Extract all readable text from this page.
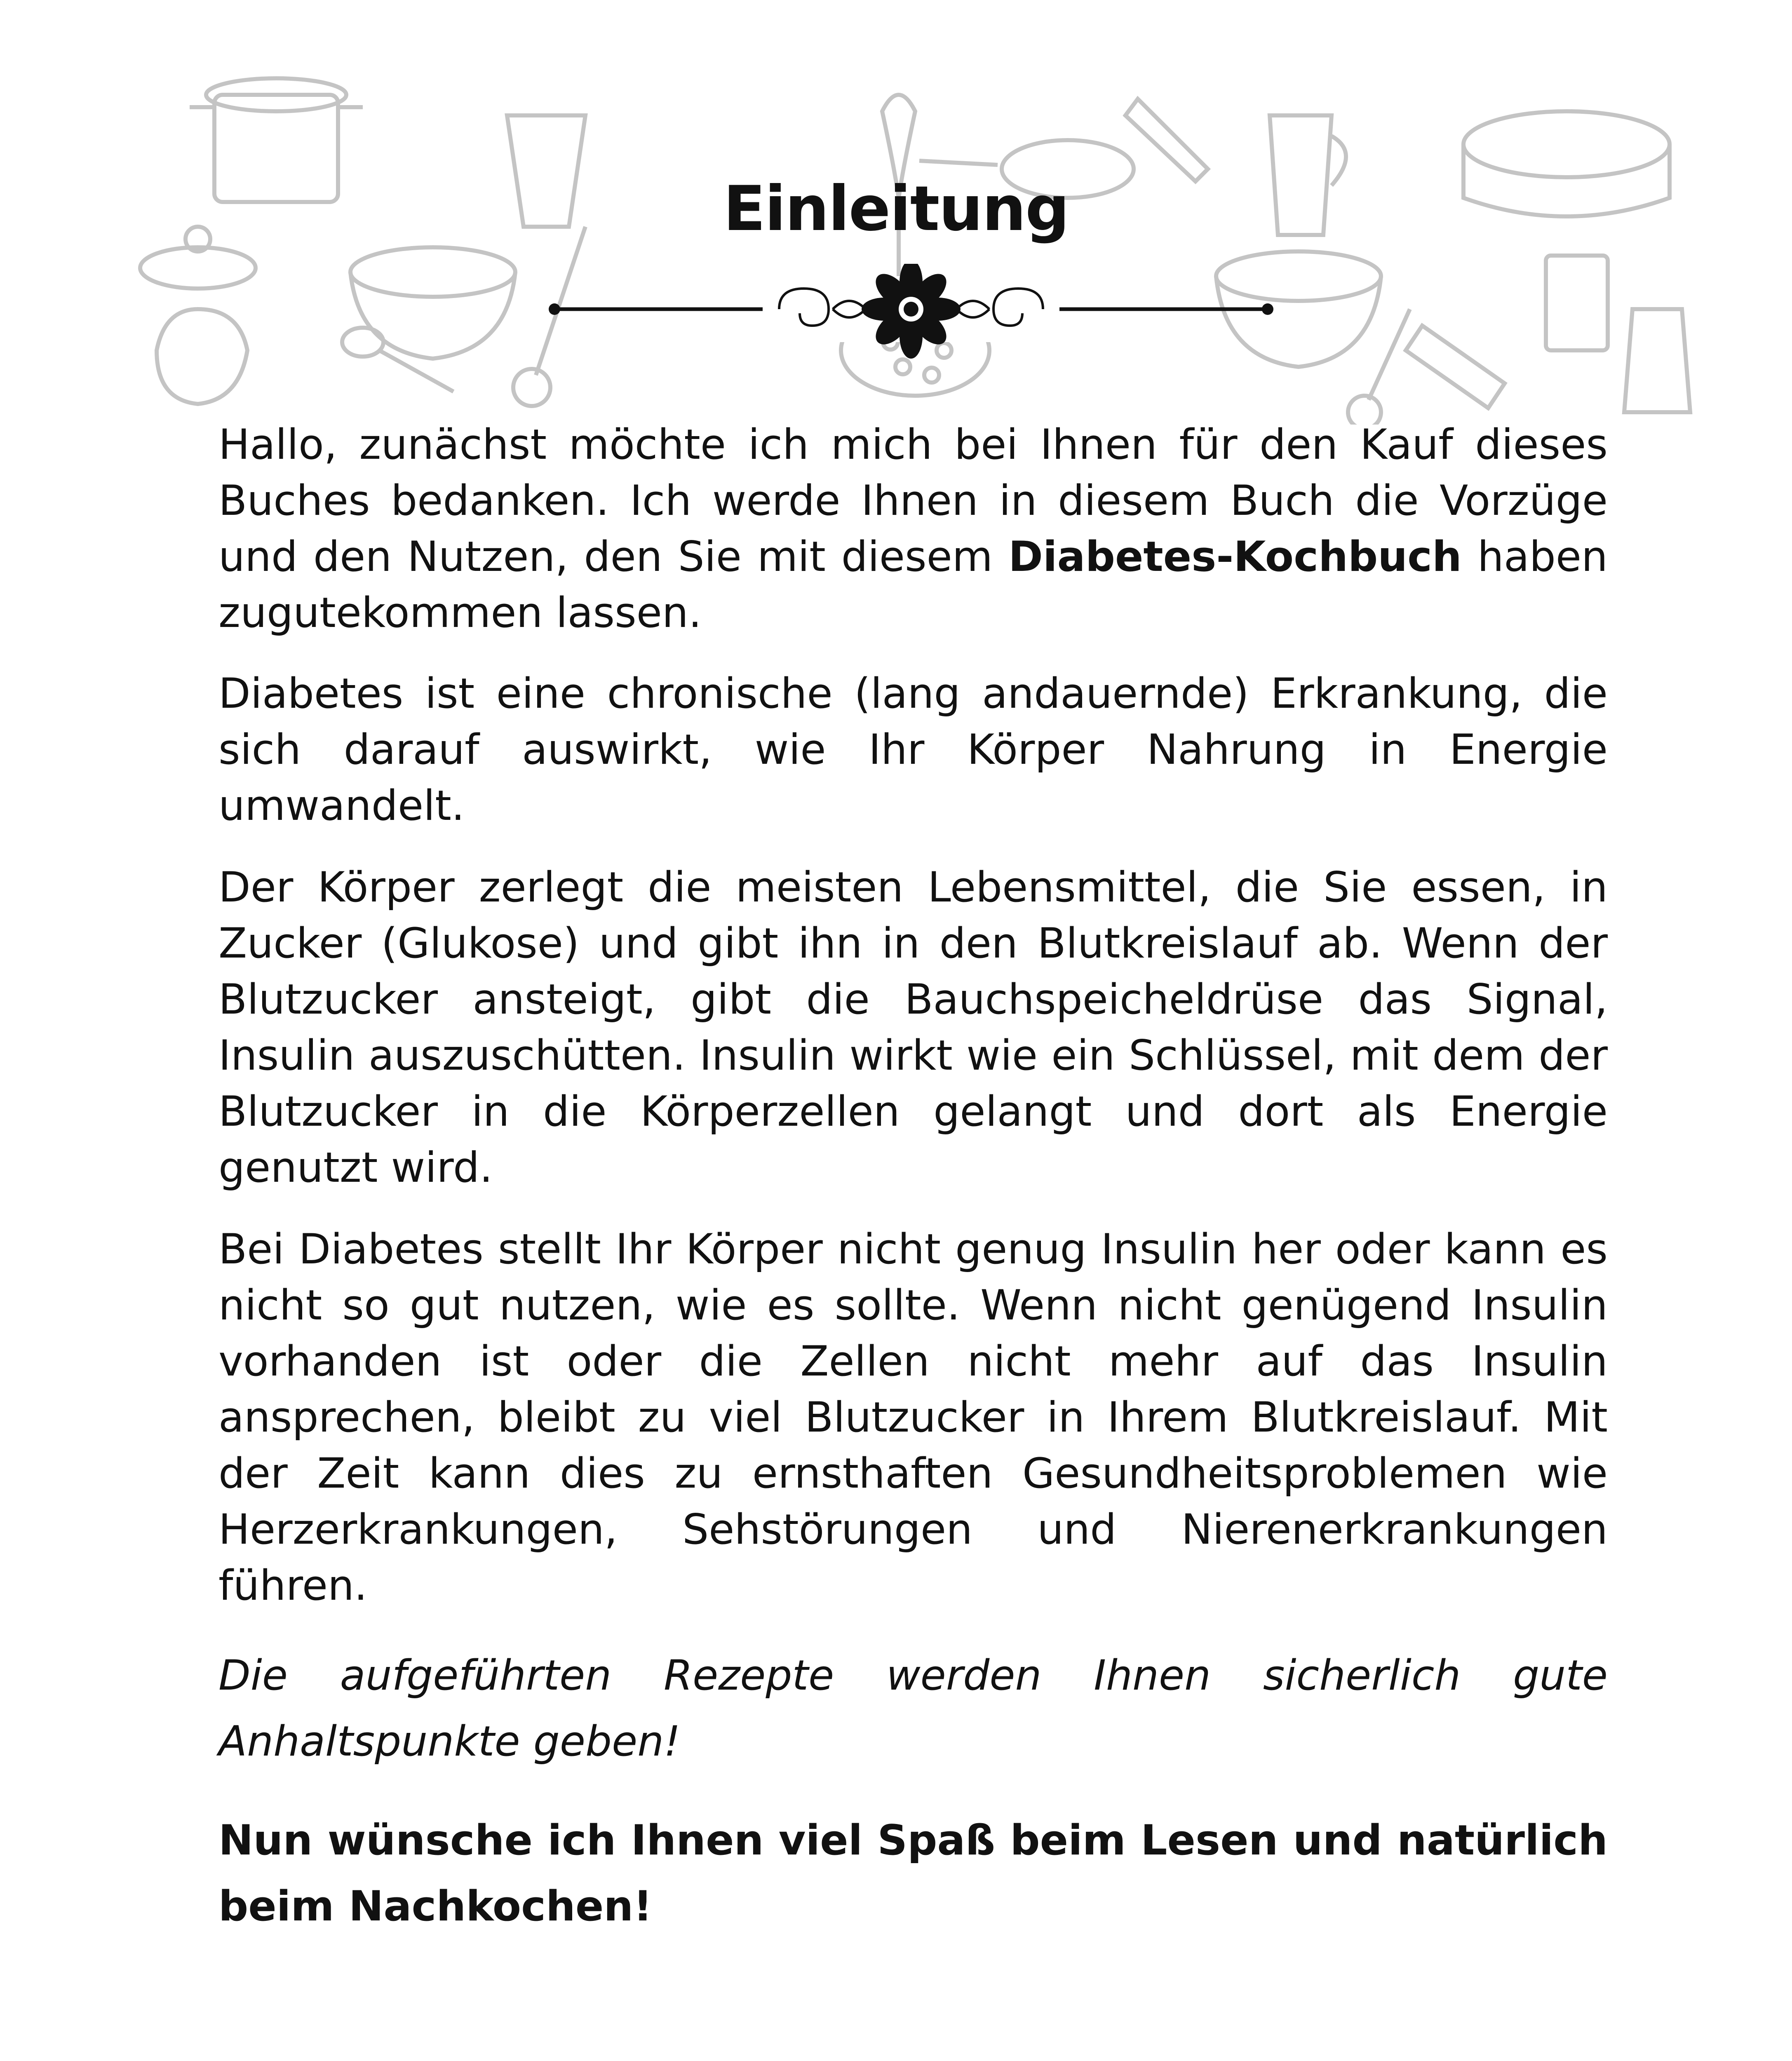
Einleitung

Hallo, zunächst möchte ich mich bei Ihnen für den Kauf dieses Buches bedanken. Ich werde Ihnen in diesem Buch die Vorzüge und den Nutzen, den Sie mit diesem Diabetes-Kochbuch haben zugutekommen lassen.

Diabetes ist eine chronische (lang andauernde) Erkrankung, die sich darauf auswirkt, wie Ihr Körper Nahrung in Energie umwandelt.

Der Körper zerlegt die meisten Lebensmittel, die Sie essen, in Zucker (Glukose) und gibt ihn in den Blutkreislauf ab. Wenn der Blutzucker ansteigt, gibt die Bauchspeicheldrüse das Signal, Insulin auszuschütten. Insulin wirkt wie ein Schlüssel, mit dem der Blutzucker in die Körperzellen gelangt und dort als Energie genutzt wird.

Bei Diabetes stellt Ihr Körper nicht genug Insulin her oder kann es nicht so gut nutzen, wie es sollte. Wenn nicht genügend Insulin vorhanden ist oder die Zellen nicht mehr auf das Insulin ansprechen, bleibt zu viel Blutzucker in Ihrem Blutkreislauf. Mit der Zeit kann dies zu ernsthaften Gesundheitsproblemen wie Herzerkrankungen, Sehstörungen und Nierenerkrankungen führen.

Die aufgeführten Rezepte werden Ihnen sicherlich gute Anhaltspunkte geben!

Nun wünsche ich Ihnen viel Spaß beim Lesen und natürlich beim Nachkochen!
